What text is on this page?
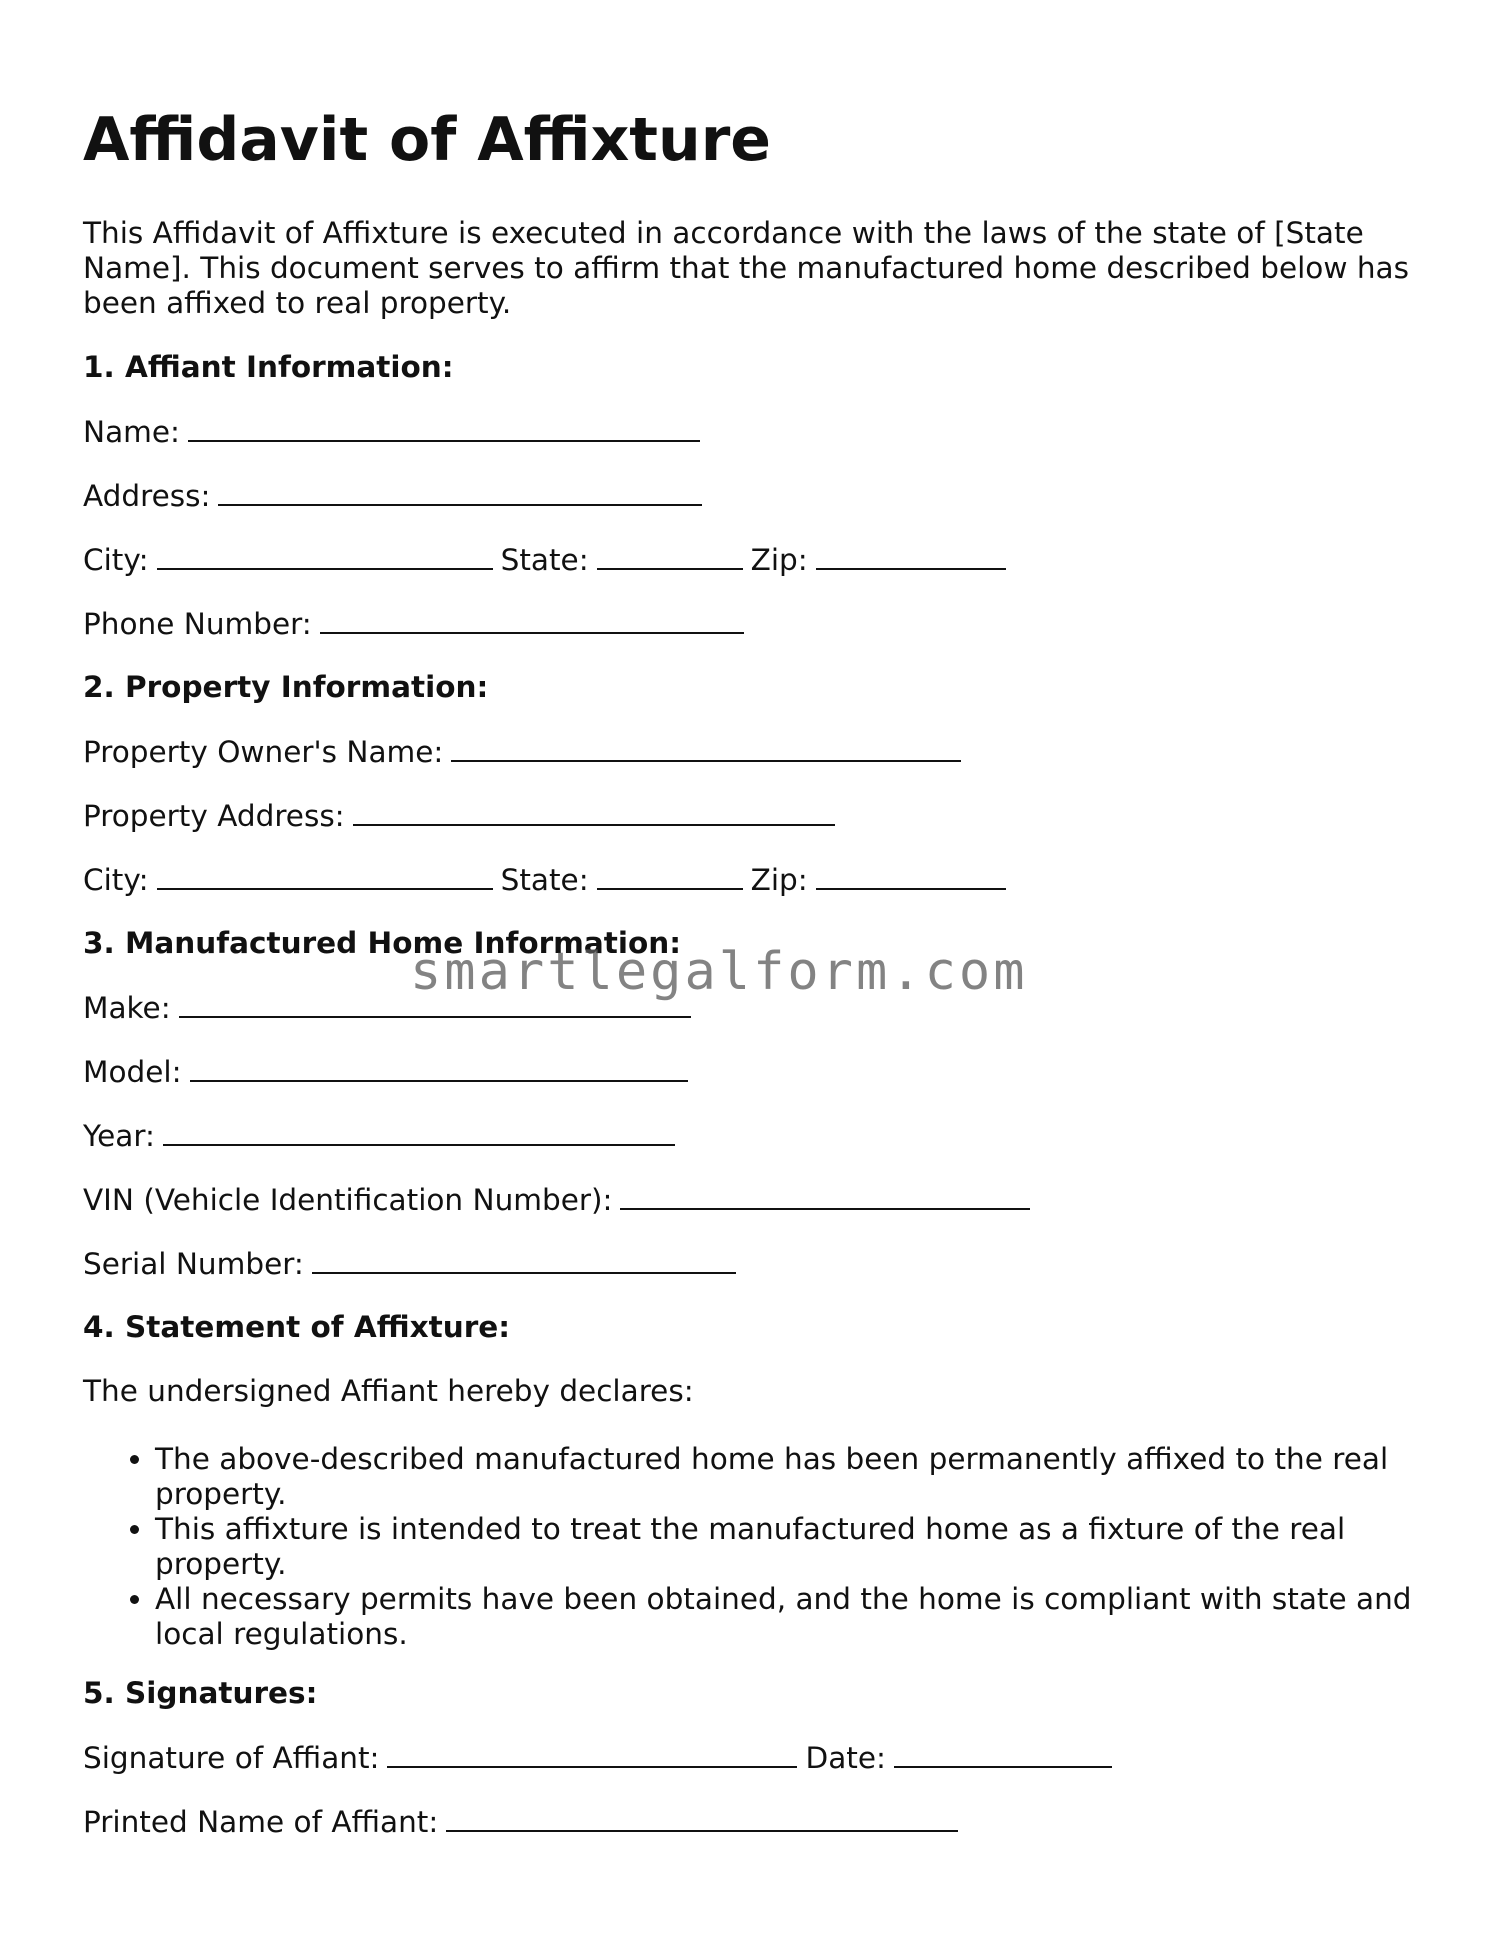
Affidavit of Affixture

This Affidavit of Affixture is executed in accordance with the laws of the state of [State Name]. This document serves to affirm that the manufactured home described below has been affixed to real property.

1. Affiant Information:

Name:

Address:

City:	State:	Zip:

Phone Number:

2. Property Information:

Property Owner's Name:

Property Address:

City:	State:	Zip:

3. Manufactured Home Information:

Make:

Model:

Year:

VIN (Vehicle Identification Number):

Serial Number:

4. Statement of Affixture:

The undersigned Affiant hereby declares:

• The above-described manufactured home has been permanently affixed to the real property.
• This affixture is intended to treat the manufactured home as a fixture of the real property.
• All necessary permits have been obtained, and the home is compliant with state and local regulations.

5. Signatures:

Signature of Affiant:	Date:

Printed Name of Affiant:

smartlegalform.com
